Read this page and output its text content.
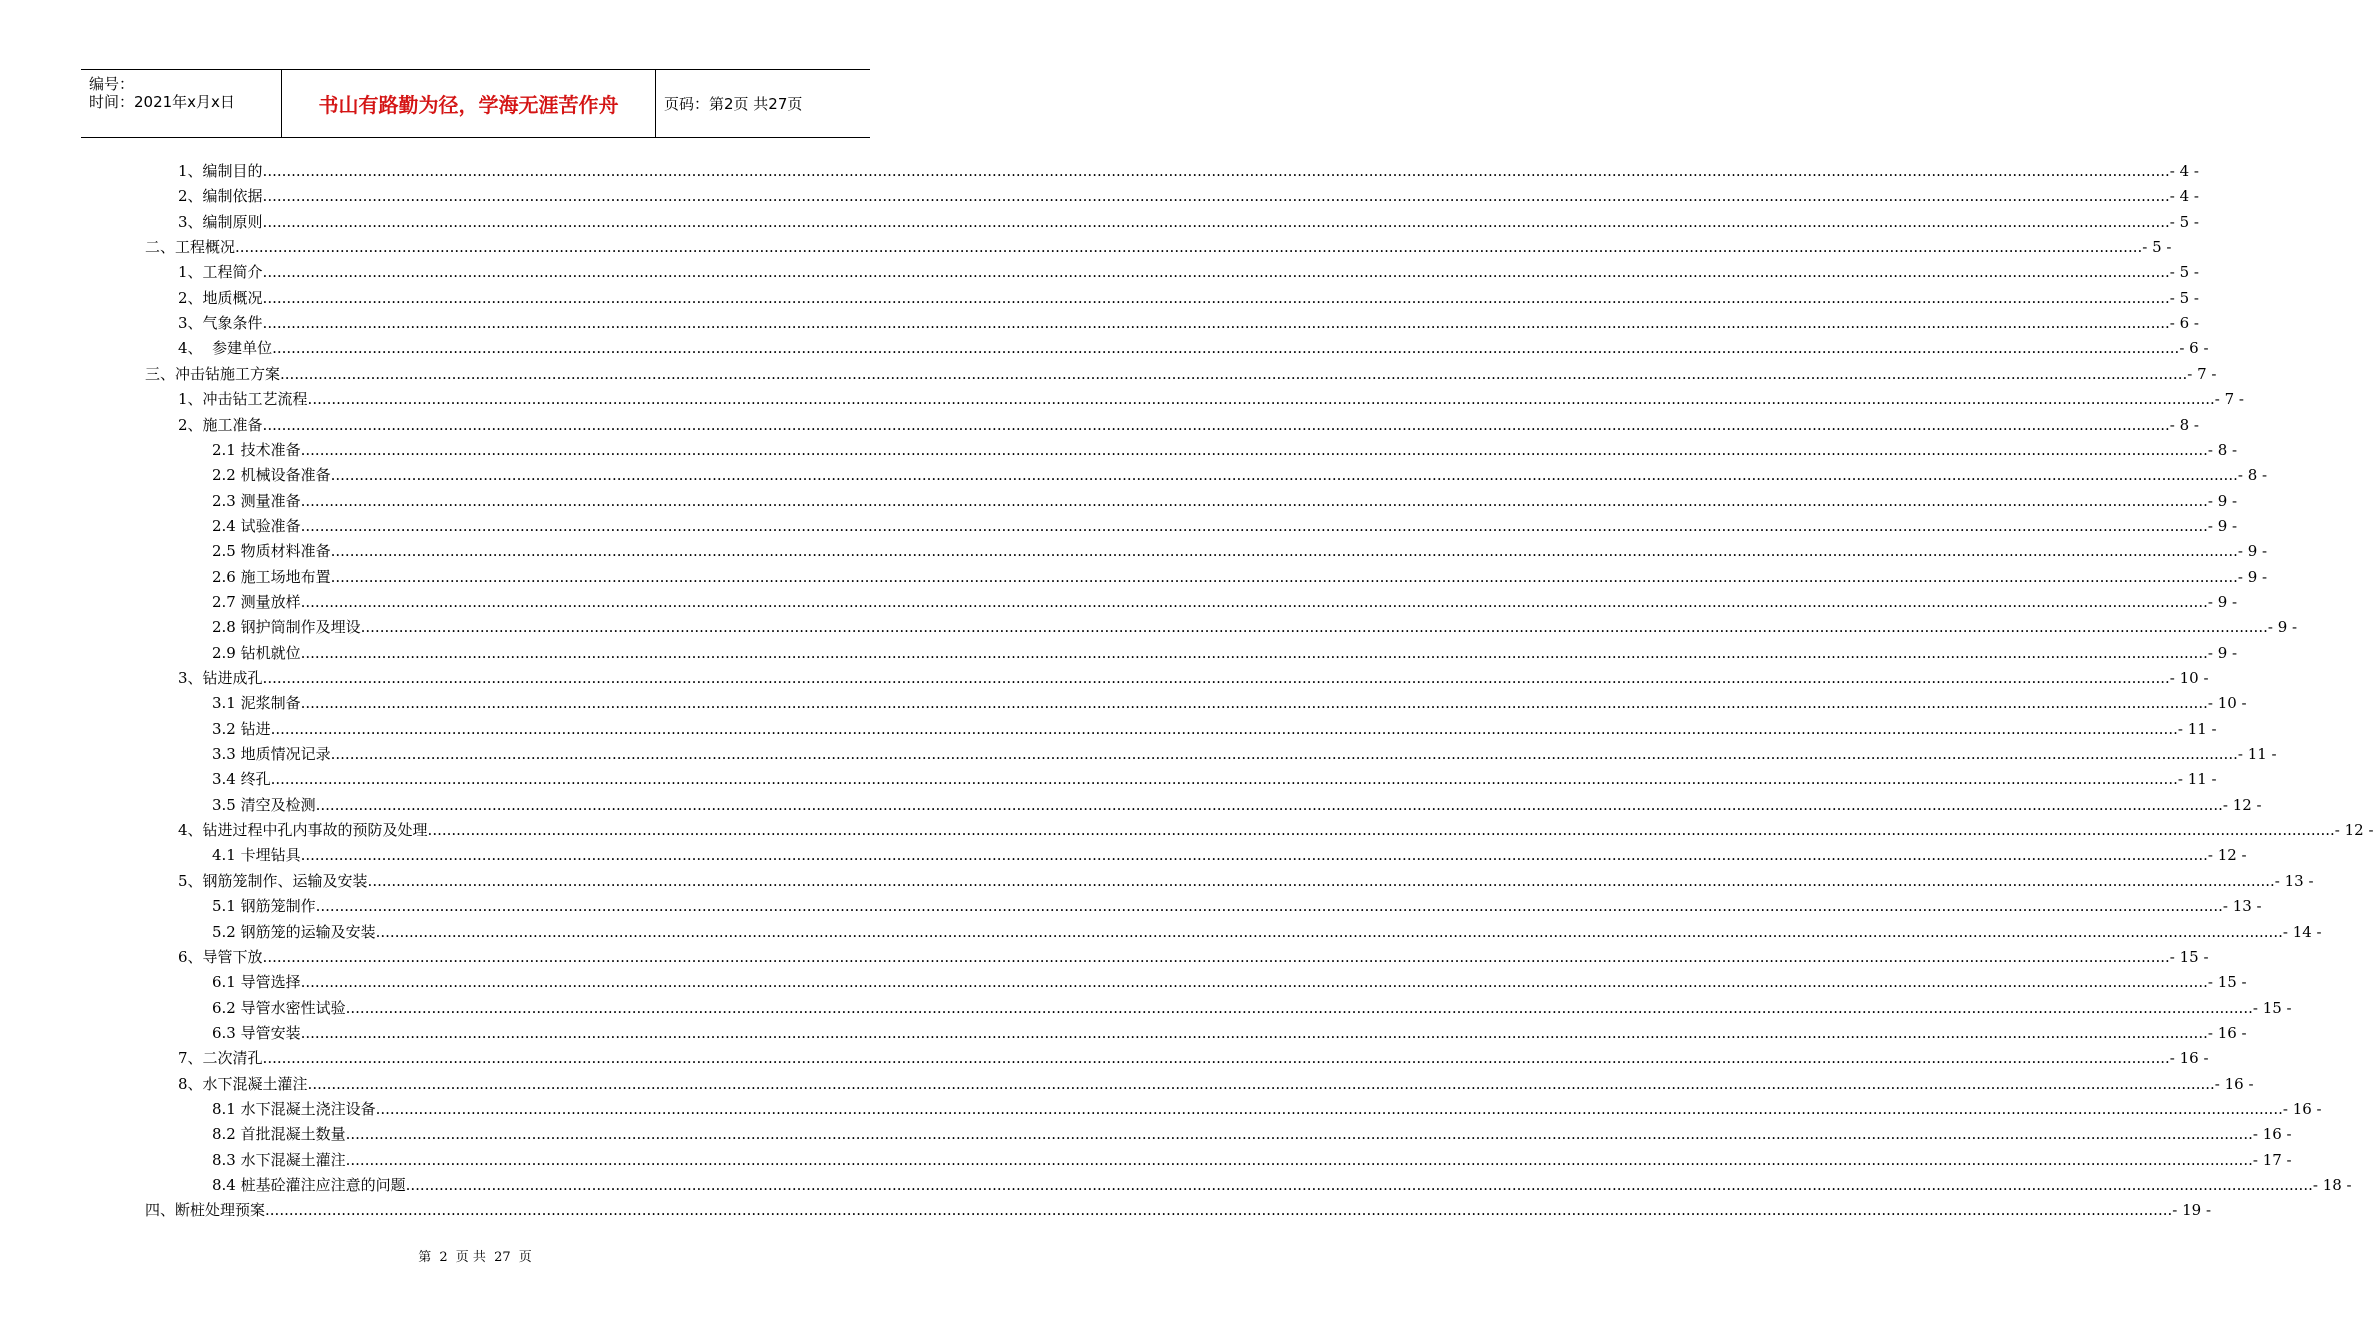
编号：
时间：2021年x月x日	书山有路勤为径，学海无涯苦作舟	页码：第2页 共27页
1、编制目的 ................................................................................................................................................................................................................................................................................................................................................................................................................ - 4 -
2、编制依据 ................................................................................................................................................................................................................................................................................................................................................................................................................ - 4 -
3、编制原则 ................................................................................................................................................................................................................................................................................................................................................................................................................ - 5 -
二、工程概况 ................................................................................................................................................................................................................................................................................................................................................................................................................ - 5 -
1、工程简介 ................................................................................................................................................................................................................................................................................................................................................................................................................ - 5 -
2、地质概况 ................................................................................................................................................................................................................................................................................................................................................................................................................ - 5 -
3、气象条件 ................................................................................................................................................................................................................................................................................................................................................................................................................ - 6 -
4、  参建单位 ................................................................................................................................................................................................................................................................................................................................................................................................................ - 6 -
三、冲击钻施工方案 ................................................................................................................................................................................................................................................................................................................................................................................................................ - 7 -
1、冲击钻工艺流程 ................................................................................................................................................................................................................................................................................................................................................................................................................ - 7 -
2、施工准备 ................................................................................................................................................................................................................................................................................................................................................................................................................ - 8 -
2.1 技术准备 ................................................................................................................................................................................................................................................................................................................................................................................................................ - 8 -
2.2 机械设备准备 ................................................................................................................................................................................................................................................................................................................................................................................................................ - 8 -
2.3 测量准备 ................................................................................................................................................................................................................................................................................................................................................................................................................ - 9 -
2.4 试验准备 ................................................................................................................................................................................................................................................................................................................................................................................................................ - 9 -
2.5 物质材料准备 ................................................................................................................................................................................................................................................................................................................................................................................................................ - 9 -
2.6 施工场地布置 ................................................................................................................................................................................................................................................................................................................................................................................................................ - 9 -
2.7 测量放样 ................................................................................................................................................................................................................................................................................................................................................................................................................ - 9 -
2.8 钢护筒制作及埋设 ................................................................................................................................................................................................................................................................................................................................................................................................................ - 9 -
2.9 钻机就位 ................................................................................................................................................................................................................................................................................................................................................................................................................ - 9 -
3、钻进成孔 ................................................................................................................................................................................................................................................................................................................................................................................................................ - 10 -
3.1 泥浆制备 ................................................................................................................................................................................................................................................................................................................................................................................................................ - 10 -
3.2 钻进 ................................................................................................................................................................................................................................................................................................................................................................................................................ - 11 -
3.3 地质情况记录 ................................................................................................................................................................................................................................................................................................................................................................................................................ - 11 -
3.4 终孔 ................................................................................................................................................................................................................................................................................................................................................................................................................ - 11 -
3.5 清空及检测 ................................................................................................................................................................................................................................................................................................................................................................................................................ - 12 -
4、钻进过程中孔内事故的预防及处理 ................................................................................................................................................................................................................................................................................................................................................................................................................ - 12 -
4.1 卡埋钻具 ................................................................................................................................................................................................................................................................................................................................................................................................................ - 12 -
5、钢筋笼制作、运输及安装 ................................................................................................................................................................................................................................................................................................................................................................................................................ - 13 -
5.1 钢筋笼制作 ................................................................................................................................................................................................................................................................................................................................................................................................................ - 13 -
5.2 钢筋笼的运输及安装 ................................................................................................................................................................................................................................................................................................................................................................................................................ - 14 -
6、导管下放 ................................................................................................................................................................................................................................................................................................................................................................................................................ - 15 -
6.1 导管选择 ................................................................................................................................................................................................................................................................................................................................................................................................................ - 15 -
6.2 导管水密性试验 ................................................................................................................................................................................................................................................................................................................................................................................................................ - 15 -
6.3 导管安装 ................................................................................................................................................................................................................................................................................................................................................................................................................ - 16 -
7、二次清孔 ................................................................................................................................................................................................................................................................................................................................................................................................................ - 16 -
8、水下混凝土灌注 ................................................................................................................................................................................................................................................................................................................................................................................................................ - 16 -
8.1 水下混凝土浇注设备 ................................................................................................................................................................................................................................................................................................................................................................................................................ - 16 -
8.2 首批混凝土数量 ................................................................................................................................................................................................................................................................................................................................................................................................................ - 16 -
8.3 水下混凝土灌注 ................................................................................................................................................................................................................................................................................................................................................................................................................ - 17 -
8.4 桩基砼灌注应注意的问题 ................................................................................................................................................................................................................................................................................................................................................................................................................ - 18 -
四、断桩处理预案 ................................................................................................................................................................................................................................................................................................................................................................................................................ - 19 -
第 2 页 共 27 页
